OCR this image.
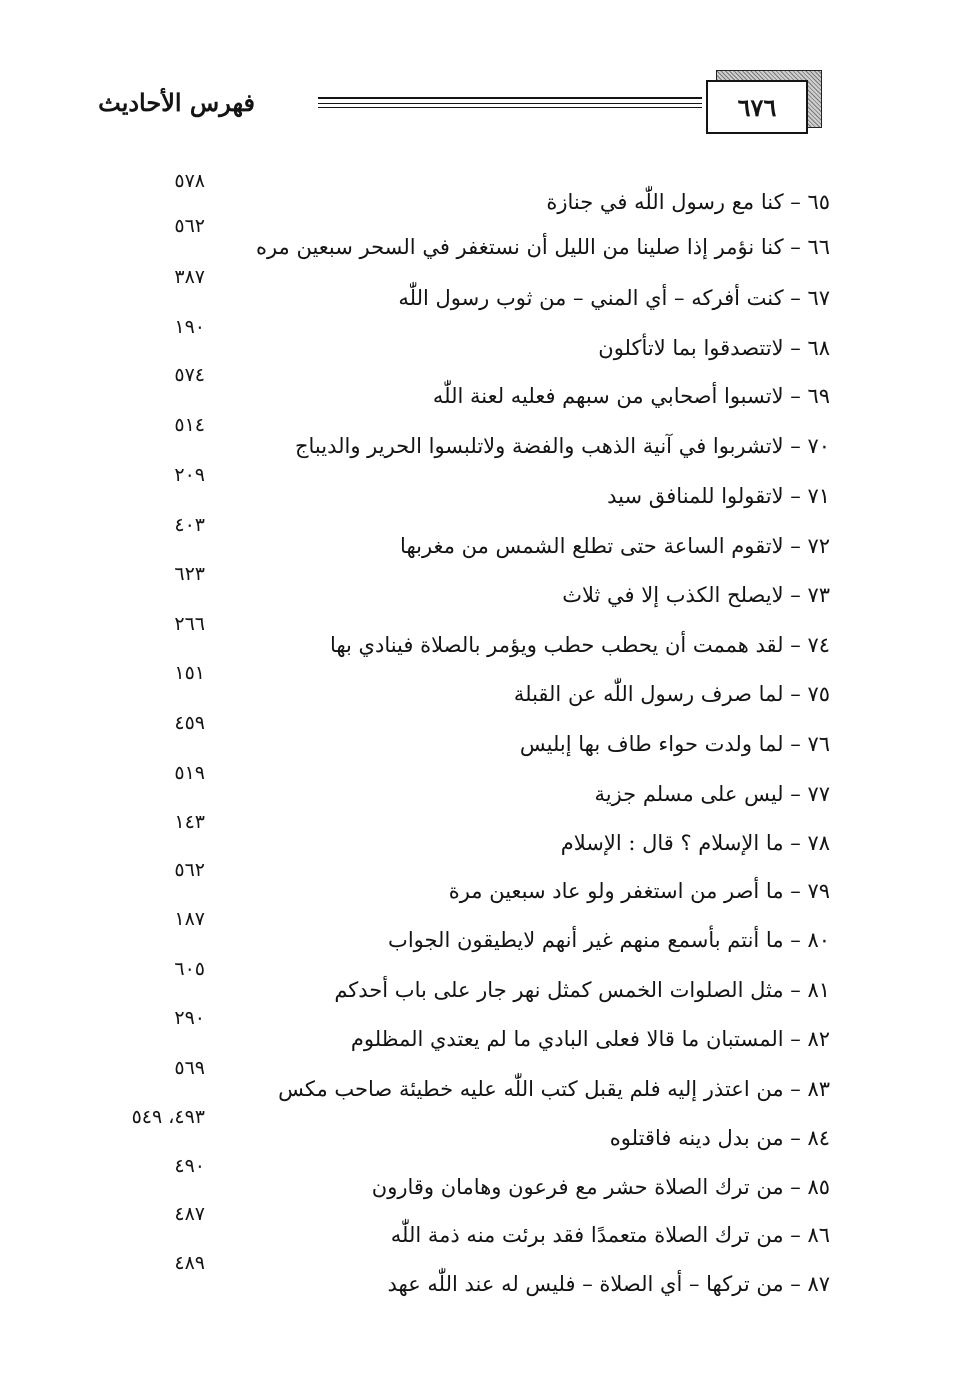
فهرس الأحاديث	٦٧٦
٦٥ – كنا مع رسول اللّٰه في جنازة
٥٧٨
٦٦ – كنا نؤمر إذا صلينا من الليل أن نستغفر في السحر سبعين مره
٥٦٢
٦٧ – كنت أفركه – أي المني – من ثوب رسول اللّٰه
٣٨٧
٦٨ – لاتتصدقوا بما لاتأكلون
١٩٠
٦٩ – لاتسبوا أصحابي من سبهم فعليه لعنة اللّٰه
٥٧٤
٧٠ – لاتشربوا في آنية الذهب والفضة ولاتلبسوا الحرير والديباج
٥١٤
٧١ – لاتقولوا للمنافق سيد
٢٠٩
٧٢ – لاتقوم الساعة حتى تطلع الشمس من مغربها
٤٠٣
٧٣ – لايصلح الكذب إلا في ثلاث
٦٢٣
٧٤ – لقد هممت أن يحطب حطب ويؤمر بالصلاة فينادي بها
٢٦٦
٧٥ – لما صرف رسول اللّٰه عن القبلة
١٥١
٧٦ – لما ولدت حواء طاف بها إبليس
٤٥٩
٧٧ – ليس على مسلم جزية
٥١٩
٧٨ – ما الإسلام ؟ قال : الإسلام
١٤٣
٧٩ – ما أصر من استغفر ولو عاد سبعين مرة
٥٦٢
٨٠ – ما أنتم بأسمع منهم غير أنهم لايطيقون الجواب
١٨٧
٨١ – مثل الصلوات الخمس كمثل نهر جار على باب أحدكم
٦٠٥
٨٢ – المستبان ما قالا فعلى البادي ما لم يعتدي المظلوم
٢٩٠
٨٣ – من اعتذر إليه فلم يقبل كتب اللّٰه عليه خطيئة صاحب مكس
٥٦٩
٨٤ – من بدل دينه فاقتلوه
٤٩٣، ٥٤٩
٨٥ – من ترك الصلاة حشر مع فرعون وهامان وقارون
٤٩٠
٨٦ – من ترك الصلاة متعمدًا فقد برئت منه ذمة اللّٰه
٤٨٧
٨٧ – من تركها – أي الصلاة – فليس له عند اللّٰه عهد
٤٨٩
